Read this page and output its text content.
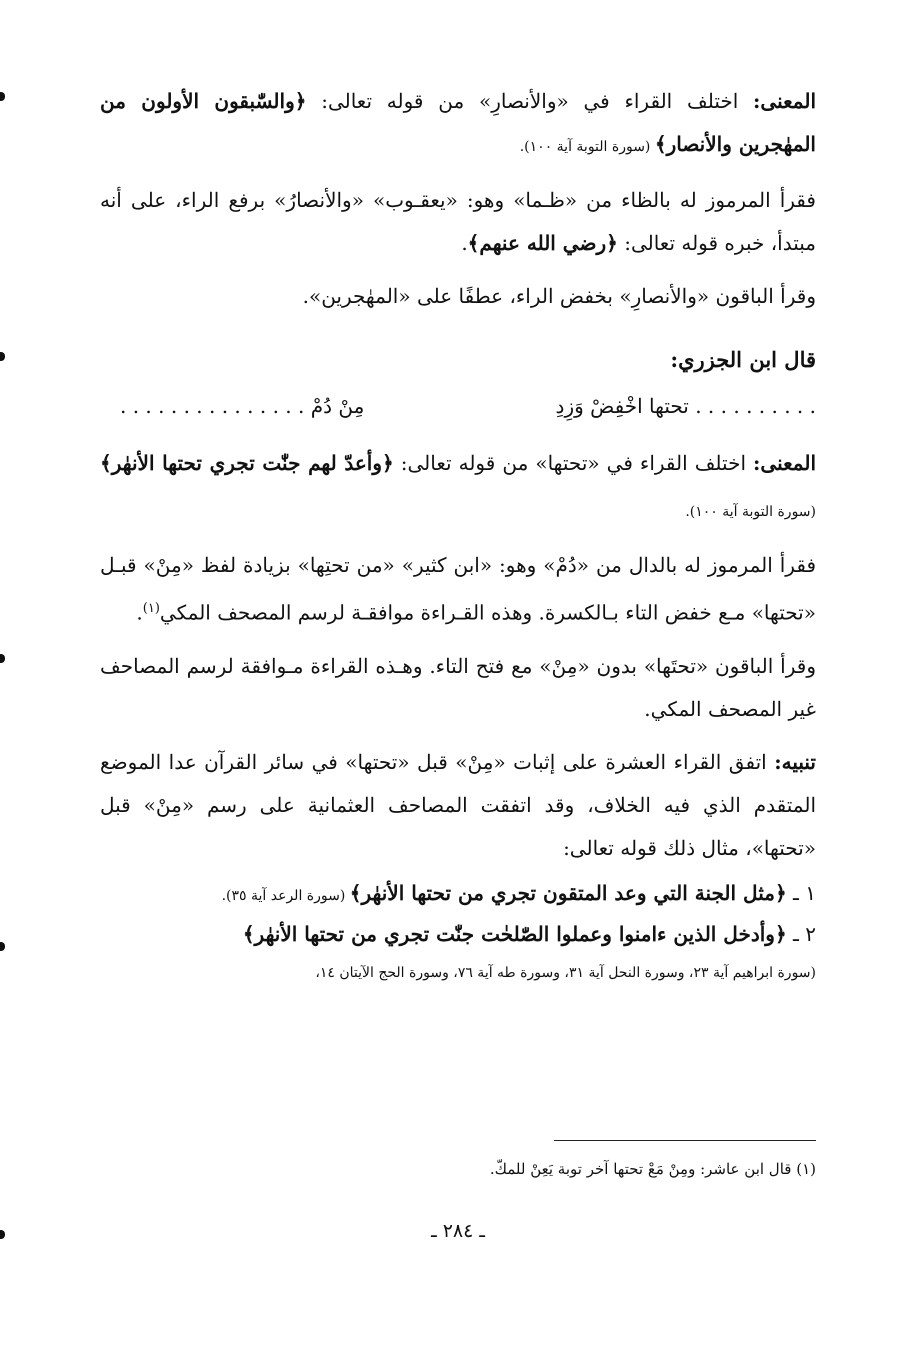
المعنى: اختلف القراء في «والأنصارِ» من قوله تعالى: ﴿والسّٰبقون الأولون من المهٰجرين والأنصار﴾ (سورة التوبة آية ١٠٠).

فقرأ المرموز له بالظاء من «ظـما» وهو: «يعقـوب» «والأنصارُ» برفع الراء، على أنه مبتدأ، خبره قوله تعالى: ﴿رضي الله عنهم﴾.

وقرأ الباقون «والأنصارِ» بخفض الراء، عطفًا على «المهٰجرين».

قال ابن الجزري:
. . . . . . . . . . تحتها اخْفِضْ وَزِدِ
مِنْ دُمْ . . . . . . . . . . . . . . .

المعنى: اختلف القراء في «تحتها» من قوله تعالى: ﴿وأعدّ لهم جنّٰت تجري تحتها الأنهٰر﴾ (سورة التوبة آية ١٠٠).

فقرأ المرموز له بالدال من «دُمْ» وهو: «ابن كثير» «من تحتِها» بزيادة لفظ «مِنْ» قبـل «تحتها» مـع خفض التاء بـالكسرة. وهذه القـراءة موافقـة لرسم المصحف المكي$^{(١)}$.

وقرأ الباقون «تحتَها» بدون «مِنْ» مع فتح التاء. وهـذه القراءة مـوافقة لرسم المصاحف غير المصحف المكي.

تنبيه: اتفق القراء العشرة على إثبات «مِنْ» قبل «تحتها» في سائر القرآن عدا الموضع المتقدم الذي فيه الخلاف، وقد اتفقت المصاحف العثمانية على رسم «مِنْ» قبل «تحتها»، مثال ذلك قوله تعالى:

١ ـ ﴿مثل الجنة التي وعد المتقون تجري من تحتها الأنهٰر﴾ (سورة الرعد آية ٣٥).

٢ ـ ﴿وأدخل الذين ءامنوا وعملوا الصّٰلحٰت جنّٰت تجري من تحتها الأنهٰر﴾

(سورة ابراهيم آية ٢٣، وسورة النحل آية ٣١، وسورة طه آية ٧٦، وسورة الحج الآيتان ١٤،

(١) قال ابن عاشر: ومِنْ مَعْ تحتها آخر توبة يَعِنْ للمكّ.
ـ ٢٨٤ ـ
